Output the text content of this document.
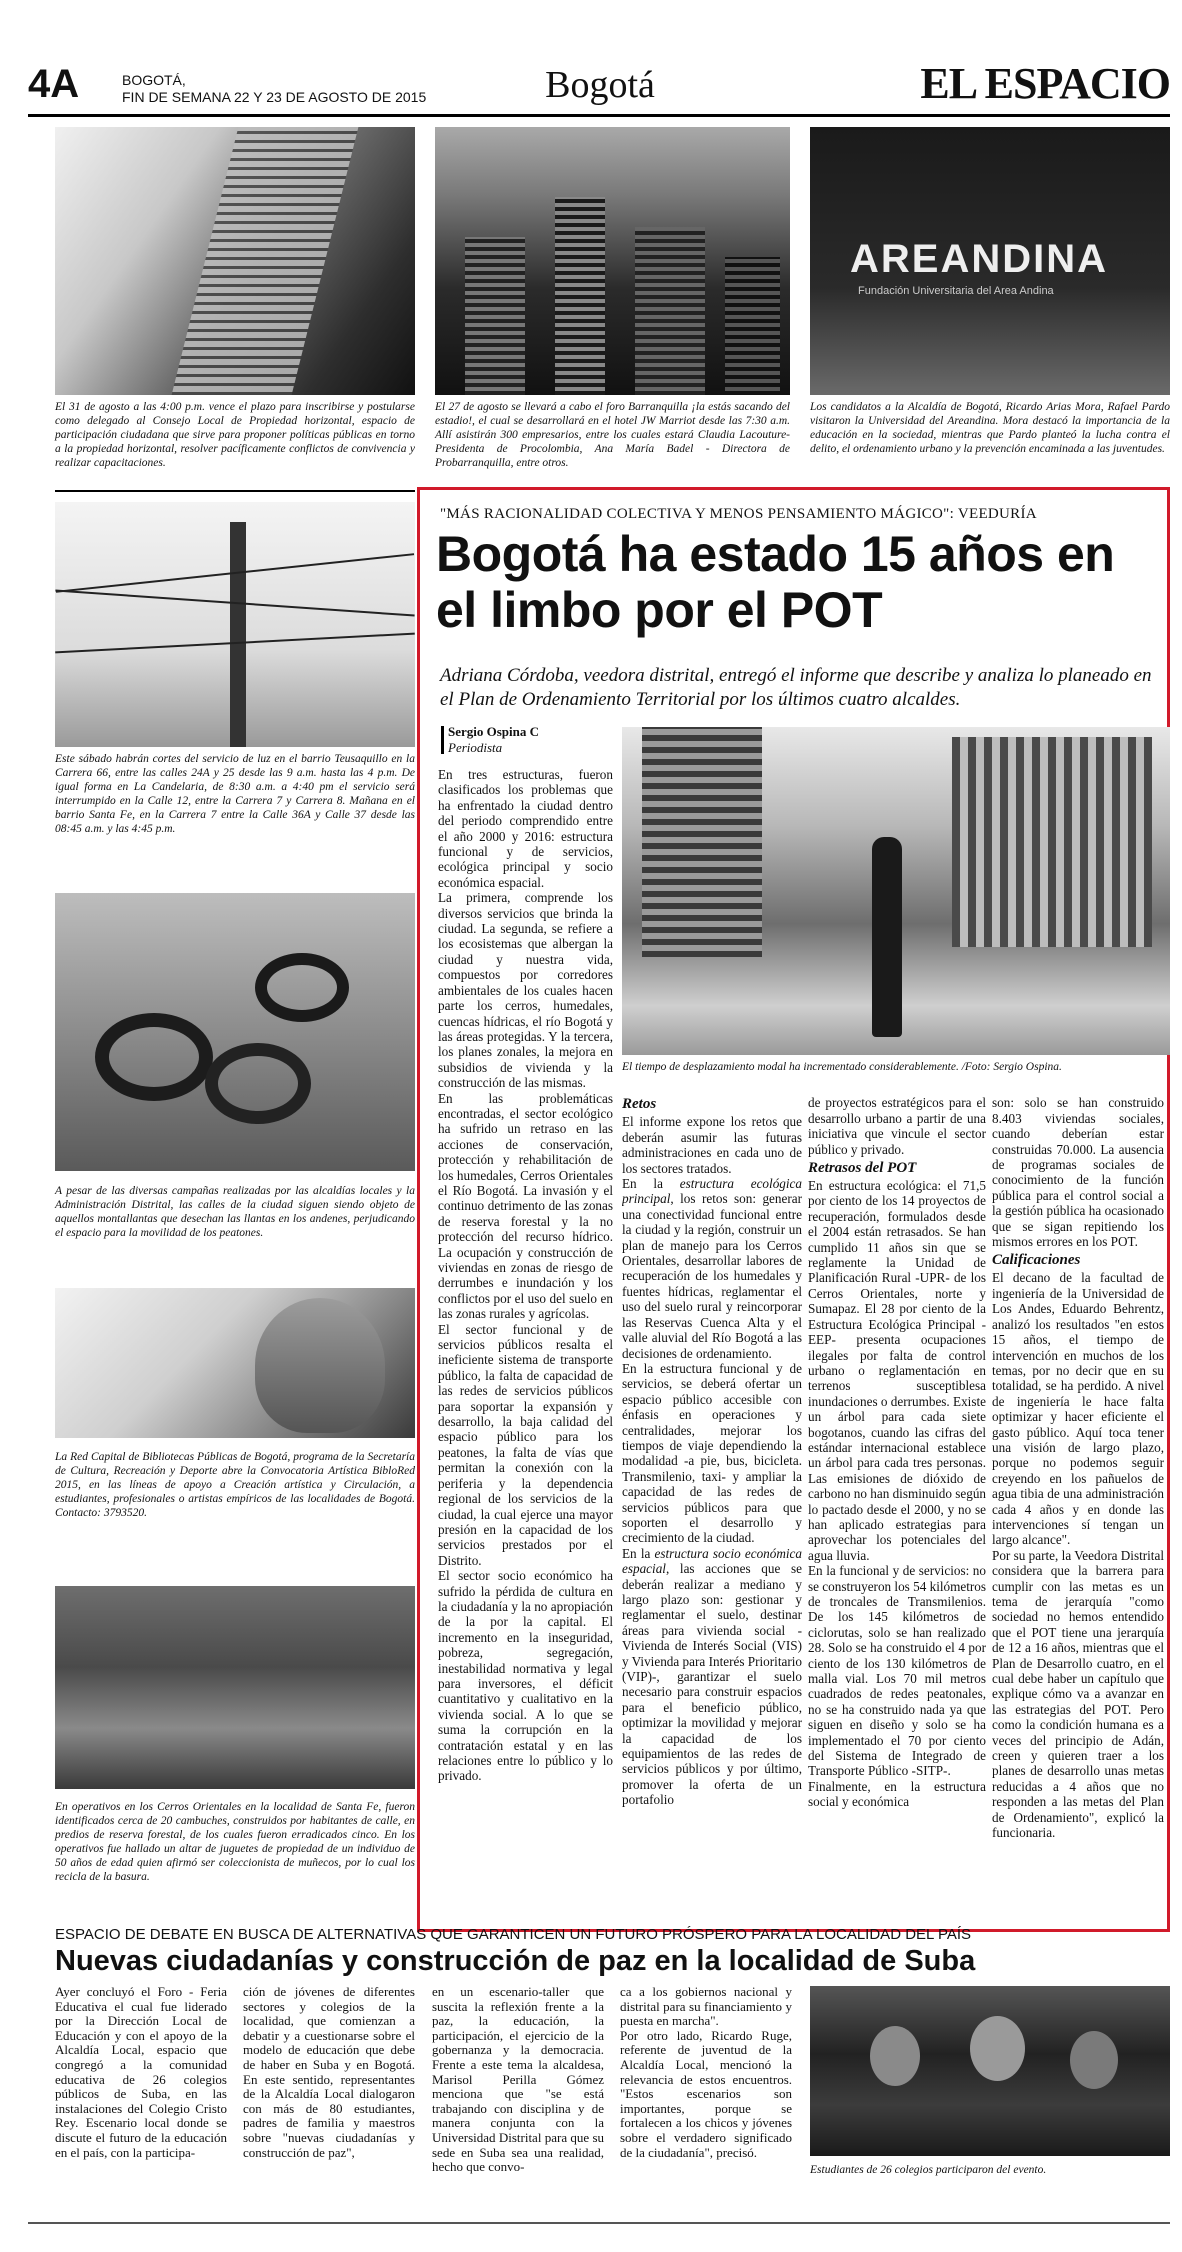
4A	BOGOTÁ,
FIN DE SEMANA 22 Y 23 DE AGOSTO DE 2015	Bogotá	EL ESPACIO
AREANDINA
Fundación Universitaria del Area Andina
El 31 de agosto a las 4:00 p.m. vence el plazo para inscribirse y postularse como delegado al Consejo Local de Propiedad horizontal, espacio de participación ciudadana que sirve para proponer políticas públicas en torno a la propiedad horizontal, resolver pacíficamente conflictos de convivencia y realizar capacitaciones.
El 27 de agosto se llevará a cabo el foro Barranquilla ¡la estás sacando del estadio!, el cual se desarrollará en el hotel JW Marriot desde las 7:30 a.m. Allí asistirán 300 empresarios, entre los cuales estará Claudia Lacouture- Presidenta de Procolombia, Ana María Badel - Directora de Probarranquilla, entre otros.
Los candidatos a la Alcaldía de Bogotá, Ricardo Arias Mora, Rafael Pardo visitaron la Universidad del Areandina. Mora destacó la importancia de la educación en la sociedad, mientras que Pardo planteó la lucha contra el delito, el ordenamiento urbano y la prevención encaminada a las juventudes.
Este sábado habrán cortes del servicio de luz en el barrio Teusaquillo en la Carrera 66, entre las calles 24A y 25 desde las 9 a.m. hasta las 4 p.m. De igual forma en La Candelaria, de 8:30 a.m. a 4:40 pm el servicio será interrumpido en la Calle 12, entre la Carrera 7 y Carrera 8. Mañana en el barrio Santa Fe, en la Carrera 7 entre la Calle 36A y Calle 37 desde las 08:45 a.m. y las 4:45 p.m.
A pesar de las diversas campañas realizadas por las alcaldías locales y la Administración Distrital, las calles de la ciudad siguen siendo objeto de aquellos montallantas que desechan las llantas en los andenes, perjudicando el espacio para la movilidad de los peatones.
La Red Capital de Bibliotecas Públicas de Bogotá, programa de la Secretaría de Cultura, Recreación y Deporte abre la Convocatoria Artística BibloRed 2015, en las líneas de apoyo a Creación artística y Circulación, a estudiantes, profesionales o artistas empíricos de las localidades de Bogotá. Contacto: 3793520.
En operativos en los Cerros Orientales en la localidad de Santa Fe, fueron identificados cerca de 20 cambuches, construidos por habitantes de calle, en predios de reserva forestal, de los cuales fueron erradicados cinco. En los operativos fue hallado un altar de juguetes de propiedad de un individuo de 50 años de edad quien afirmó ser coleccionista de muñecos, por lo cual los recicla de la basura.
"MÁS RACIONALIDAD COLECTIVA Y MENOS PENSAMIENTO MÁGICO": VEEDURÍA
Bogotá ha estado 15 años en el limbo por el POT
Adriana Córdoba, veedora distrital, entregó el informe que describe y analiza lo planeado en el Plan de Ordenamiento Territorial por los últimos cuatro alcaldes.
Sergio Ospina C
Periodista
El tiempo de desplazamiento modal ha incrementado considerablemente. /Foto: Sergio Ospina.
En tres estructuras, fueron clasificados los problemas que ha enfrentado la ciudad dentro del periodo comprendido entre el año 2000 y 2016: estructura funcional y de servicios, ecológica principal y socio económica espacial.
La primera, comprende los diversos servicios que brinda la ciudad. La segunda, se refiere a los ecosistemas que albergan la ciudad y nuestra vida, compuestos por corredores ambientales de los cuales hacen parte los cerros, humedales, cuencas hídricas, el río Bogotá y las áreas protegidas. Y la tercera, los planes zonales, la mejora en subsidios de vivienda y la construcción de las mismas.
En las problemáticas encontradas, el sector ecológico ha sufrido un retraso en las acciones de conservación, protección y rehabilitación de los humedales, Cerros Orientales el Río Bogotá. La invasión y el continuo detrimento de las zonas de reserva forestal y la no protección del recurso hídrico. La ocupación y construcción de viviendas en zonas de riesgo de derrumbes e inundación y los conflictos por el uso del suelo en las zonas rurales y agrícolas.
El sector funcional y de servicios públicos resalta el ineficiente sistema de transporte público, la falta de capacidad de las redes de servicios públicos para soportar la expansión y desarrollo, la baja calidad del espacio público para los peatones, la falta de vías que permitan la conexión con la periferia y la dependencia regional de los servicios de la ciudad, la cual ejerce una mayor presión en la capacidad de los servicios prestados por el Distrito.
El sector socio económico ha sufrido la pérdida de cultura en la ciudadanía y la no apropiación de la por la capital. El incremento en la inseguridad, pobreza, segregación, inestabilidad normativa y legal para inversores, el déficit cuantitativo y cualitativo en la vivienda social. A lo que se suma la corrupción en la contratación estatal y en las relaciones entre lo público y lo privado.

Retos
El informe expone los retos que deberán asumir las futuras administraciones en cada uno de los sectores tratados.
En la estructura ecológica principal, los retos son: generar una conectividad funcional entre la ciudad y la región, construir un plan de manejo para los Cerros Orientales, desarrollar labores de recuperación de los humedales y fuentes hídricas, reglamentar el uso del suelo rural y reincorporar las Reservas Cuenca Alta y el valle aluvial del Río Bogotá a las decisiones de ordenamiento.
En la estructura funcional y de servicios, se deberá ofertar un espacio público accesible con énfasis en operaciones y centralidades, mejorar los tiempos de viaje dependiendo la modalidad -a pie, bus, bicicleta. Transmilenio, taxi- y ampliar la capacidad de las redes de servicios públicos para que soporten el desarrollo y crecimiento de la ciudad.
En la estructura socio económica espacial, las acciones que se deberán realizar a mediano y largo plazo son: gestionar y reglamentar el suelo, destinar áreas para vivienda social -Vivienda de Interés Social (VIS) y Vivienda para Interés Prioritario (VIP)-, garantizar el suelo necesario para construir espacios para el beneficio público, optimizar la movilidad y mejorar la capacidad de los equipamientos de las redes de servicios públicos y por último, promover la oferta de un portafolio

de proyectos estratégicos para el desarrollo urbano a partir de una iniciativa que vincule el sector público y privado.
Retrasos del POT
En estructura ecológica: el 71,5 por ciento de los 14 proyectos de recuperación, formulados desde el 2004 están retrasados. Se han cumplido 11 años sin que se reglamente la Unidad de Planificación Rural -UPR- de los Cerros Orientales, norte y Sumapaz. El 28 por ciento de la Estructura Ecológica Principal -EEP- presenta ocupaciones ilegales por falta de control urbano o reglamentación en terrenos susceptiblesa inundaciones o derrumbes. Existe un árbol para cada siete bogotanos, cuando las cifras del estándar internacional establece un árbol para cada tres personas. Las emisiones de dióxido de carbono no han disminuido según lo pactado desde el 2000, y no se han aplicado estrategias para aprovechar los potenciales del agua lluvia.
En la funcional y de servicios: no se construyeron los 54 kilómetros de troncales de Transmilenios. De los 145 kilómetros de ciclorutas, solo se han realizado 28. Solo se ha construido el 4 por ciento de los 130 kilómetros de malla vial. Los 70 mil metros cuadrados de redes peatonales, no se ha construido nada ya que siguen en diseño y solo se ha implementado el 70 por ciento del Sistema de Integrado de Transporte Público -SITP-.
Finalmente, en la estructura social y económica

son: solo se han construido 8.403 viviendas sociales, cuando deberían estar construidas 70.000. La ausencia de programas sociales de conocimiento de la función pública para el control social a la gestión pública ha ocasionado que se sigan repitiendo los mismos errores en los POT.
Calificaciones
El decano de la facultad de ingeniería de la Universidad de Los Andes, Eduardo Behrentz, analizó los resultados "en estos 15 años, el tiempo de intervención en muchos de los temas, por no decir que en su totalidad, se ha perdido. A nivel de ingeniería le hace falta optimizar y hacer eficiente el gasto público. Aquí toca tener una visión de largo plazo, porque no podemos seguir creyendo en los pañuelos de agua tibia de una administración cada 4 años y en donde las intervenciones sí tengan un largo alcance".
Por su parte, la Veedora Distrital considera que la barrera para cumplir con las metas es un tema de jerarquía "como sociedad no hemos entendido que el POT tiene una jerarquía de 12 a 16 años, mientras que el Plan de Desarrollo cuatro, en el cual debe haber un capítulo que explique cómo va a avanzar en las estrategias del POT. Pero como la condición humana es a veces del principio de Adán, creen y quieren traer a los planes de desarrollo unas metas reducidas a 4 años que no responden a las metas del Plan de Ordenamiento", explicó la funcionaria.
ESPACIO DE DEBATE EN BUSCA DE ALTERNATIVAS QUE GARANTICEN UN FUTURO PRÓSPERO PARA LA LOCALIDAD DEL PAÍS
Nuevas ciudadanías y construcción de paz en la localidad de Suba
Ayer concluyó el Foro - Feria Educativa el cual fue liderado por la Dirección Local de Educación y con el apoyo de la Alcaldía Local, espacio que congregó a la comunidad educativa de 26 colegios públicos de Suba, en las instalaciones del Colegio Cristo Rey. Escenario local donde se discute el futuro de la educación en el país, con la participa-
ción de jóvenes de diferentes sectores y colegios de la localidad, que comienzan a debatir y a cuestionarse sobre el modelo de educación que debe de haber en Suba y en Bogotá. En este sentido, representantes de la Alcaldía Local dialogaron con más de 80 estudiantes, padres de familia y maestros sobre "nuevas ciudadanías y construcción de paz",
en un escenario-taller que suscita la reflexión frente a la paz, la educación, la participación, el ejercicio de la gobernanza y la democracia. Frente a este tema la alcaldesa, Marisol Perilla Gómez menciona que "se está trabajando con disciplina y de manera conjunta con la Universidad Distrital para que su sede en Suba sea una realidad, hecho que convo-
ca a los gobiernos nacional y distrital para su financiamiento y puesta en marcha".
Por otro lado, Ricardo Ruge, referente de juventud de la Alcaldía Local, mencionó la relevancia de estos encuentros. "Estos escenarios son importantes, porque se fortalecen a los chicos y jóvenes sobre el verdadero significado de la ciudadanía", precisó.
Estudiantes de 26 colegios participaron del evento.
